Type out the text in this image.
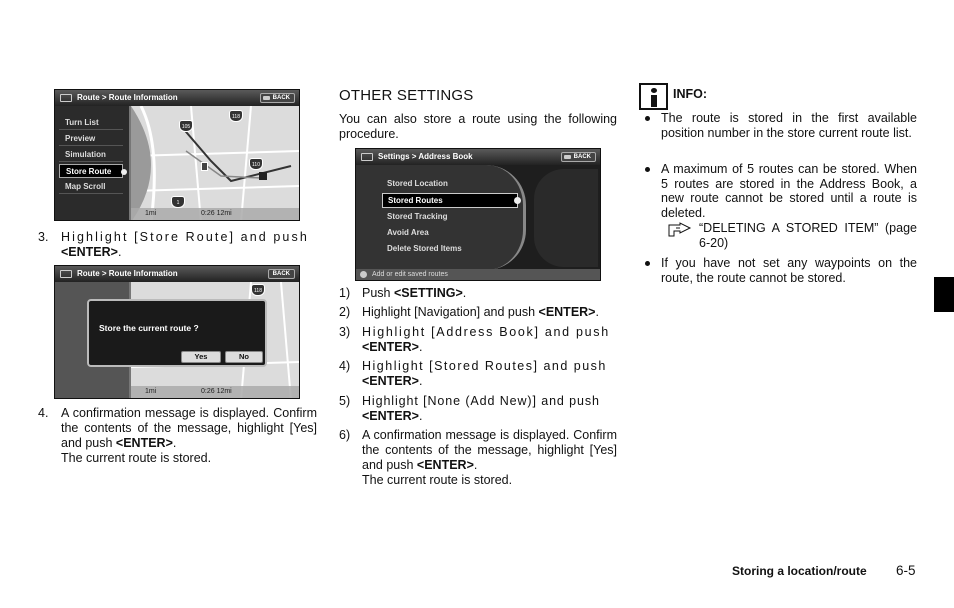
105
118
1
110
Route > Route Information	BACK
Turn List
Preview
Simulation
Store Route
Map Scroll
1mi	0:26 12mi
3. Highlight [Store Route] and push
<ENTER>.
118
Route > Route Information	BACK
Store the current route ?
Yes	No
1mi	0:26 12mi
4. A confirmation message is displayed. Confirm the contents of the message, highlight [Yes] and push <ENTER>.
The current route is stored.
OTHER SETTINGS
You can also store a route using the following procedure.
Settings > Address Book	BACK
Stored Location
Stored Routes
Stored Tracking
Avoid Area
Delete Stored Items
Add or edit saved routes
1) Push <SETTING>.
2) Highlight [Navigation] and push <ENTER>.
3) Highlight [Address Book] and push
<ENTER>.
4) Highlight [Stored Routes] and push
<ENTER>.
5) Highlight [None (Add New)] and push
<ENTER>.
6) A confirmation message is displayed. Confirm the contents of the message, highlight [Yes] and push <ENTER>.
The current route is stored.
INFO:
The route is stored in the first available position number in the store current route list.
A maximum of 5 routes can be stored. When 5 routes are stored in the Address Book, a new route cannot be stored until a route is deleted.
“DELETING A STORED ITEM” (page 6-20)
If you have not set any waypoints on the route, the route cannot be stored.
Storing a location/route 6-5
